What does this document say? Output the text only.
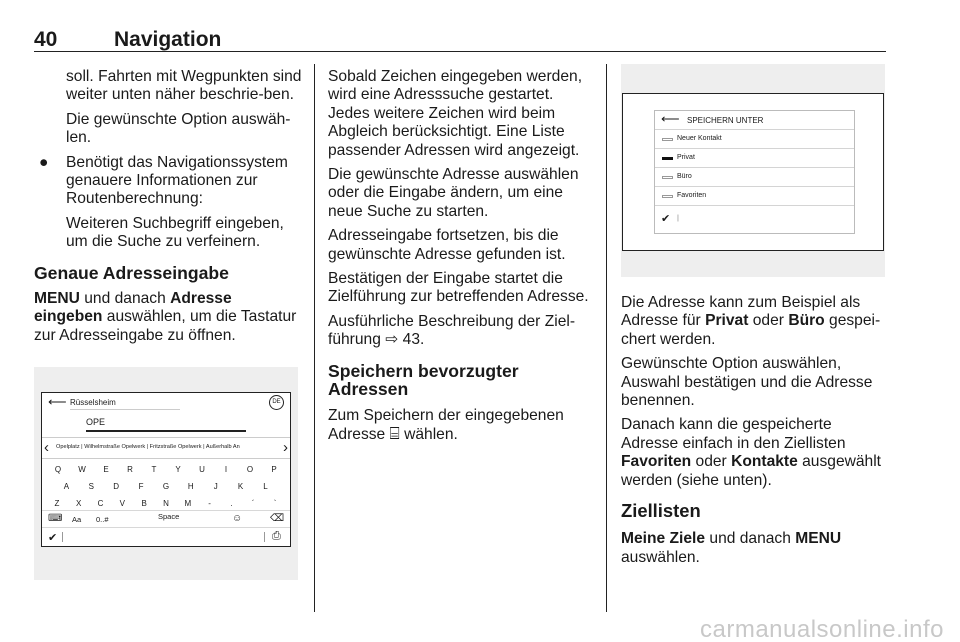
40	Navigation

soll. Fahrten mit Wegpunkten sind weiter unten näher beschrie-ben.

Die gewünschte Option auswäh-len.

● Benötigt das Navigationssystem genauere Informationen zur Routenberechnung:

Weiteren Suchbegriff eingeben, um die Suche zu verfeinern.

Genaue Adresseingabe

MENU und danach Adresse eingeben auswählen, um die Tastatur zur Adresseingabe zu öffnen.

⟵ Rüsselsheim	DE
OPE
‹ Opelplatz | Wilhelmstraße Opelwerk | Fritzstraße Opelwerk | Außerhalb An	›
Q	W	E	R	T	Y	U	I	O	P
A	S	D	F	G	H	J	K	L
Z	X	C	V	B	N	M	-	.	´	`
⌨ Aa 0..#	Space	☺	⌫
✔	⎙

Sobald Zeichen eingegeben werden, wird eine Adresssuche gestartet. Jedes weitere Zeichen wird beim Abgleich berücksichtigt. Eine Liste passender Adressen wird angezeigt.

Die gewünschte Adresse auswählen oder die Eingabe ändern, um eine neue Suche zu starten.

Adresseingabe fortsetzen, bis die gewünschte Adresse gefunden ist.

Bestätigen der Eingabe startet die Zielführung zur betreffenden Adresse.

Ausführliche Beschreibung der Ziel-führung ⇨ 43.

Speichern bevorzugter Adressen

Zum Speichern der eingegebenen Adresse ⌸ wählen.

⟵ SPEICHERN UNTER
Neuer Kontakt
Privat
Büro
Favoriten
✔ |

Die Adresse kann zum Beispiel als Adresse für Privat oder Büro gespei-chert werden.

Gewünschte Option auswählen, Auswahl bestätigen und die Adresse benennen.

Danach kann die gespeicherte Adresse einfach in den Ziellisten Favoriten oder Kontakte ausgewählt werden (siehe unten).

Ziellisten

Meine Ziele und danach MENU auswählen.

carmanualsonline.info
